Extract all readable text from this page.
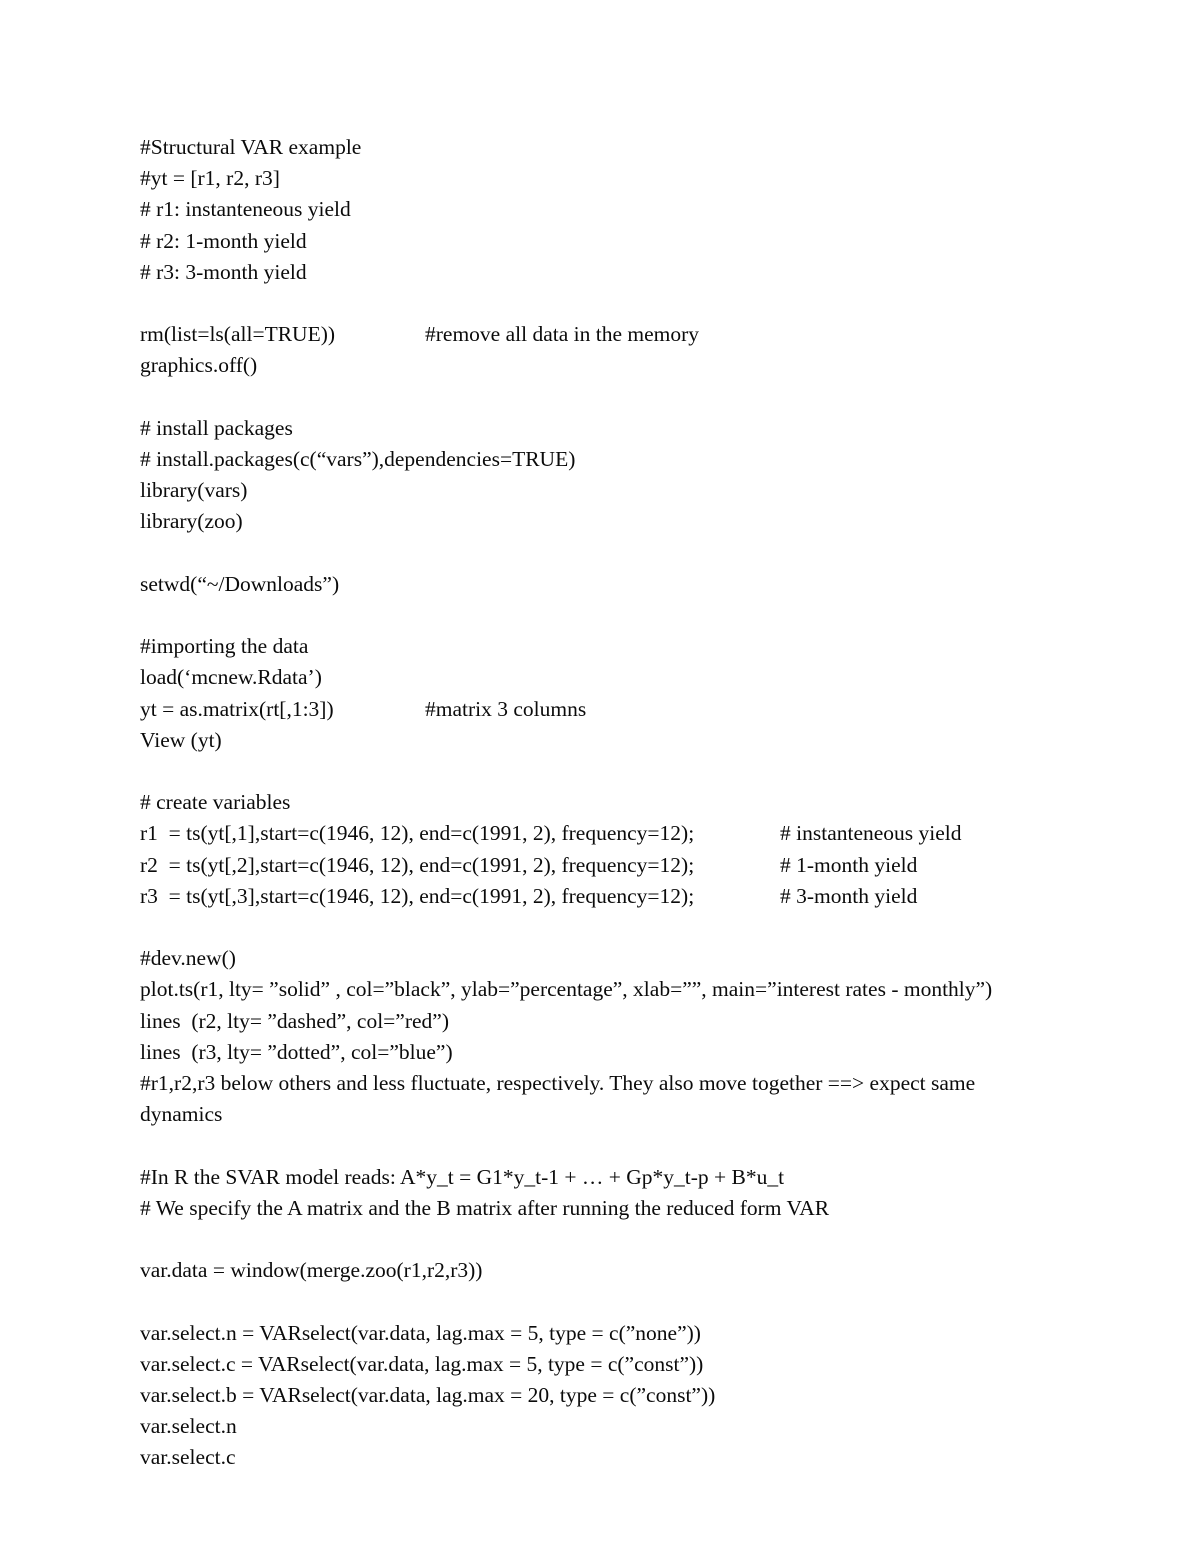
#Structural VAR example
#yt = [r1, r2, r3]
# r1: instanteneous yield
# r2: 1-month yield
# r3: 3-month yield
rm(list=ls(all=TRUE))	#remove all data in the memory
graphics.off()
# install packages
# install.packages(c(“vars”),dependencies=TRUE)
library(vars)
library(zoo)
setwd(“~/Downloads”)
#importing the data
load(‘mcnew.Rdata’)
yt = as.matrix(rt[,1:3])	#matrix 3 columns
View (yt)
# create variables
r1  = ts(yt[,1],start=c(1946, 12), end=c(1991, 2), frequency=12);	# instanteneous yield
r2  = ts(yt[,2],start=c(1946, 12), end=c(1991, 2), frequency=12);	# 1-month yield
r3  = ts(yt[,3],start=c(1946, 12), end=c(1991, 2), frequency=12);	# 3-month yield
#dev.new()
plot.ts(r1, lty= ”solid” , col=”black”, ylab=”percentage”, xlab=””, main=”interest rates - monthly”)
lines  (r2, lty= ”dashed”, col=”red”)
lines  (r3, lty= ”dotted”, col=”blue”)
#r1,r2,r3 below others and less fluctuate, respectively. They also move together ==> expect same dynamics
#In R the SVAR model reads: A*y_t = G1*y_t-1 + … + Gp*y_t-p + B*u_t
# We specify the A matrix and the B matrix after running the reduced form VAR
var.data = window(merge.zoo(r1,r2,r3))
var.select.n = VARselect(var.data, lag.max = 5, type = c(”none”))
var.select.c = VARselect(var.data, lag.max = 5, type = c(”const”))
var.select.b = VARselect(var.data, lag.max = 20, type = c(”const”))
var.select.n
var.select.c
